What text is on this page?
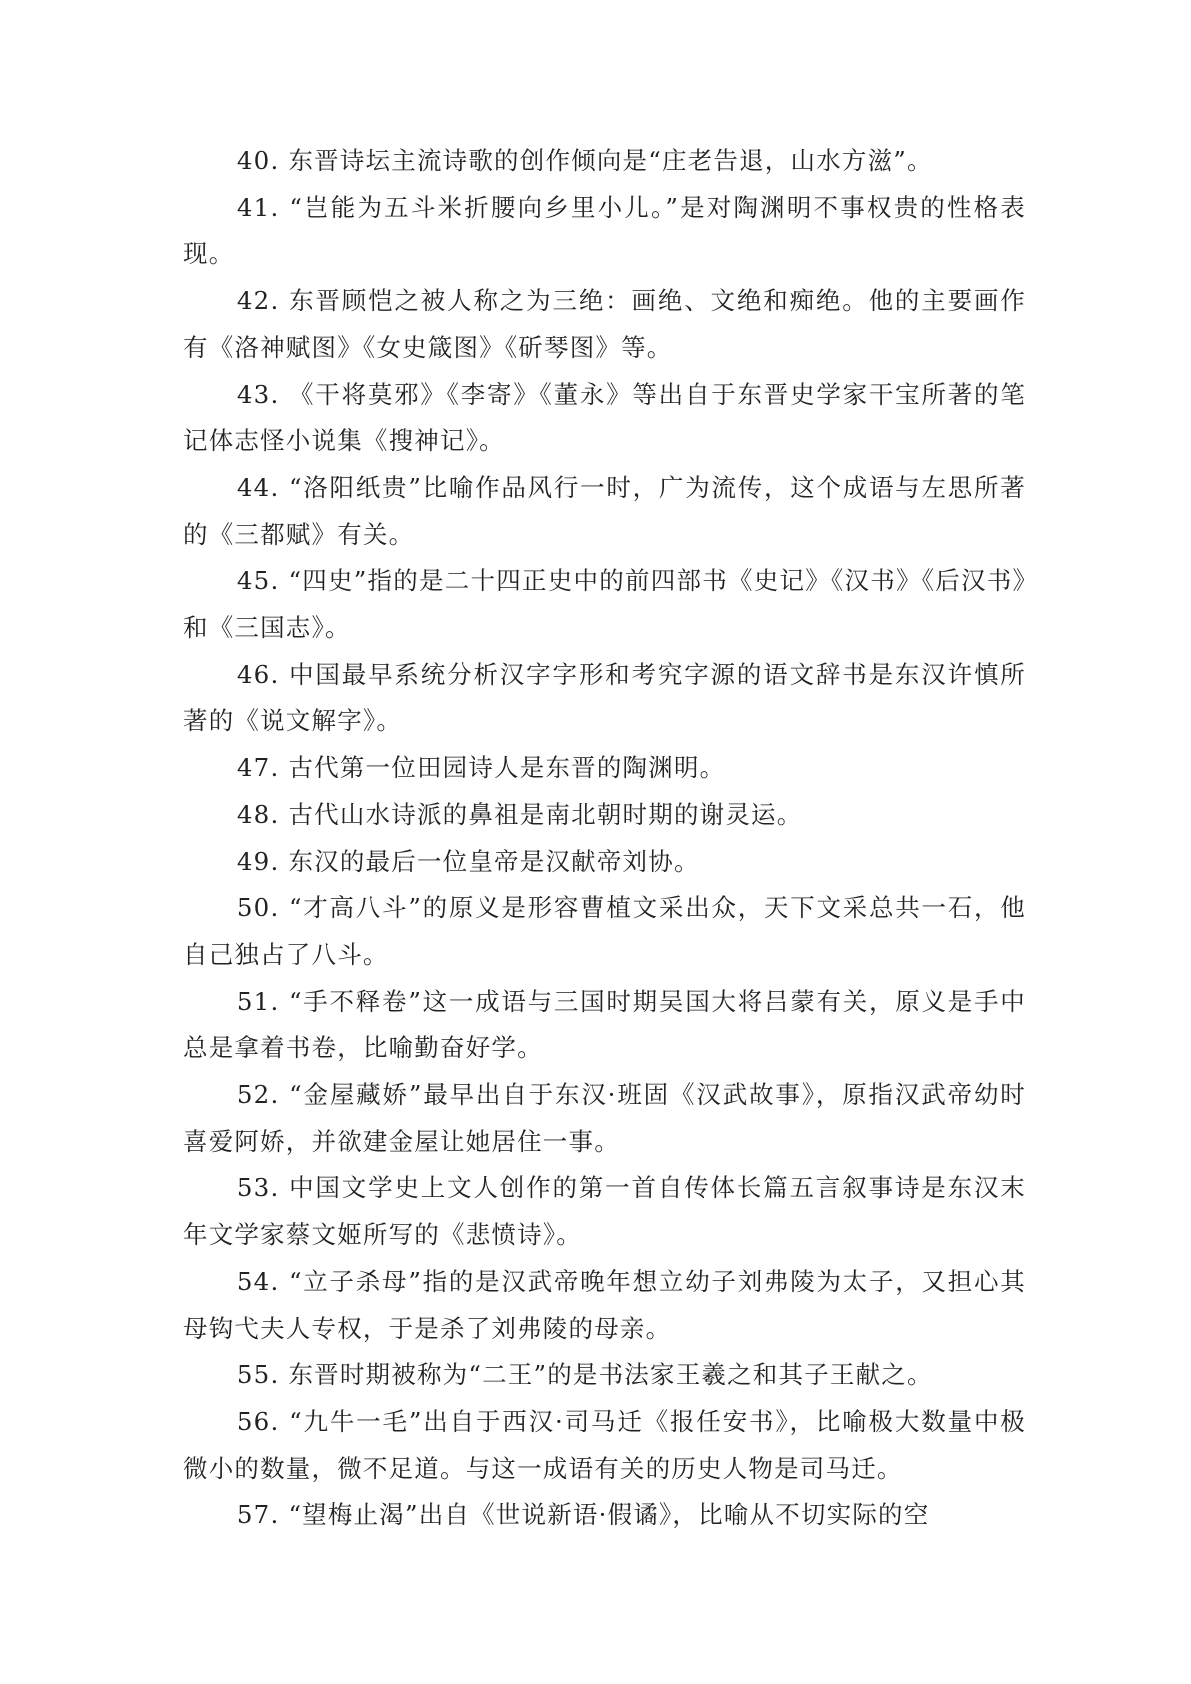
40. 东晋诗坛主流诗歌的创作倾向是“庄老告退，山水方滋”。

41. “岂能为五斗米折腰向乡里小儿。”是对陶渊明不事权贵的性格表现。

42. 东晋顾恺之被人称之为三绝：画绝、文绝和痴绝。他的主要画作有《洛神赋图》《女史箴图》《斫琴图》等。

43. 《干将莫邪》《李寄》《董永》等出自于东晋史学家干宝所著的笔记体志怪小说集《搜神记》。

44. “洛阳纸贵”比喻作品风行一时，广为流传，这个成语与左思所著的《三都赋》有关。

45. “四史”指的是二十四正史中的前四部书《史记》《汉书》《后汉书》和《三国志》。

46. 中国最早系统分析汉字字形和考究字源的语文辞书是东汉许慎所著的《说文解字》。

47. 古代第一位田园诗人是东晋的陶渊明。

48. 古代山水诗派的鼻祖是南北朝时期的谢灵运。

49. 东汉的最后一位皇帝是汉献帝刘协。

50. “才高八斗”的原义是形容曹植文采出众，天下文采总共一石，他自己独占了八斗。

51. “手不释卷”这一成语与三国时期吴国大将吕蒙有关，原义是手中总是拿着书卷，比喻勤奋好学。

52. “金屋藏娇”最早出自于东汉·班固《汉武故事》，原指汉武帝幼时喜爱阿娇，并欲建金屋让她居住一事。

53. 中国文学史上文人创作的第一首自传体长篇五言叙事诗是东汉末年文学家蔡文姬所写的《悲愤诗》。

54. “立子杀母”指的是汉武帝晚年想立幼子刘弗陵为太子，又担心其母钩弋夫人专权，于是杀了刘弗陵的母亲。

55. 东晋时期被称为“二王”的是书法家王羲之和其子王献之。

56. “九牛一毛”出自于西汉·司马迁《报任安书》，比喻极大数量中极微小的数量，微不足道。与这一成语有关的历史人物是司马迁。

57. “望梅止渴”出自《世说新语·假谲》，比喻从不切实际的空
